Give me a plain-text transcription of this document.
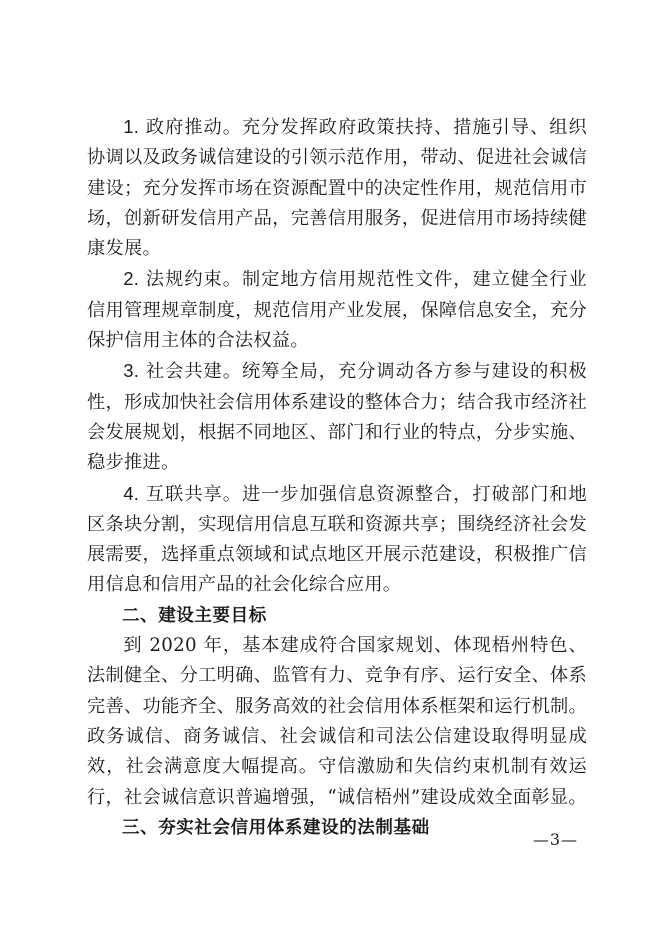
1. 政府推动。充分发挥政府政策扶持、措施引导、组织协调以及政务诚信建设的引领示范作用，带动、促进社会诚信建设；充分发挥市场在资源配置中的决定性作用，规范信用市场，创新研发信用产品，完善信用服务，促进信用市场持续健康发展。

2. 法规约束。制定地方信用规范性文件，建立健全行业信用管理规章制度，规范信用产业发展，保障信息安全，充分保护信用主体的合法权益。

3. 社会共建。统筹全局，充分调动各方参与建设的积极性，形成加快社会信用体系建设的整体合力；结合我市经济社会发展规划，根据不同地区、部门和行业的特点，分步实施、稳步推进。

4. 互联共享。进一步加强信息资源整合，打破部门和地区条块分割，实现信用信息互联和资源共享；围绕经济社会发展需要，选择重点领域和试点地区开展示范建设，积极推广信用信息和信用产品的社会化综合应用。

二、建设主要目标

到 2020 年，基本建成符合国家规划、体现梧州特色、法制健全、分工明确、监管有力、竞争有序、运行安全、体系完善、功能齐全、服务高效的社会信用体系框架和运行机制。政务诚信、商务诚信、社会诚信和司法公信建设取得明显成效，社会满意度大幅提高。守信激励和失信约束机制有效运行，社会诚信意识普遍增强，“诚信梧州”建设成效全面彰显。

三、夯实社会信用体系建设的法制基础

—3—
